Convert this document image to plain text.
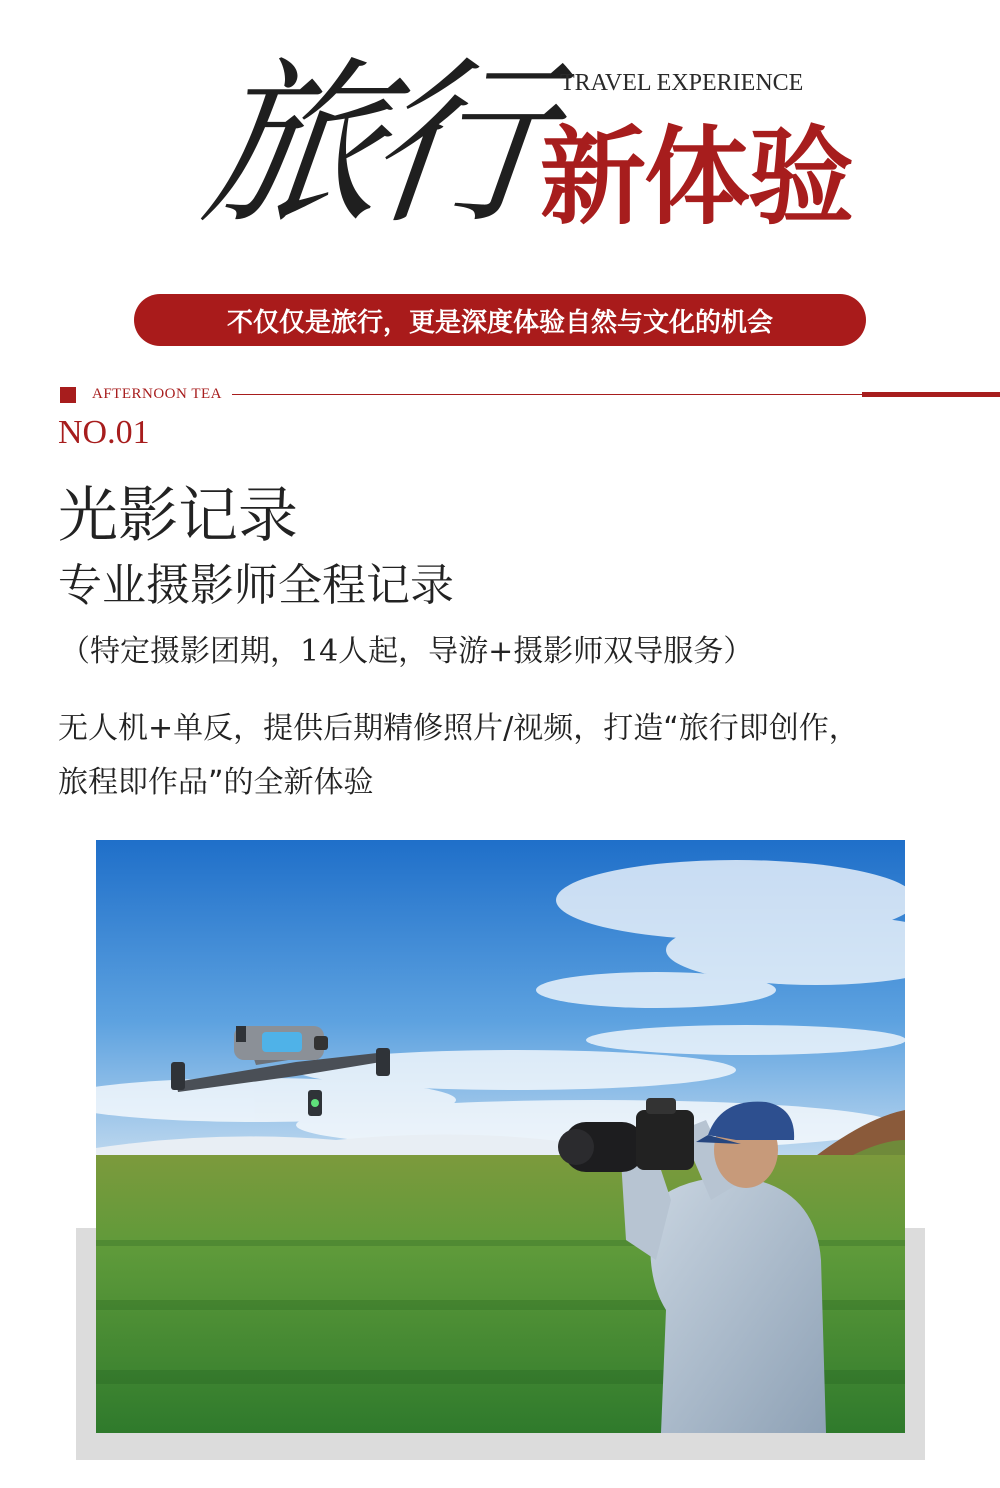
旅行 TRAVEL EXPERIENCE
新体验
不仅仅是旅行，更是深度体验自然与文化的机会
AFTERNOON TEA
NO.01
光影记录
专业摄影师全程记录
（特定摄影团期，14人起，导游+摄影师双导服务）
无人机+单反，提供后期精修照片/视频，打造“旅行即创作，
旅程即作品”的全新体验
